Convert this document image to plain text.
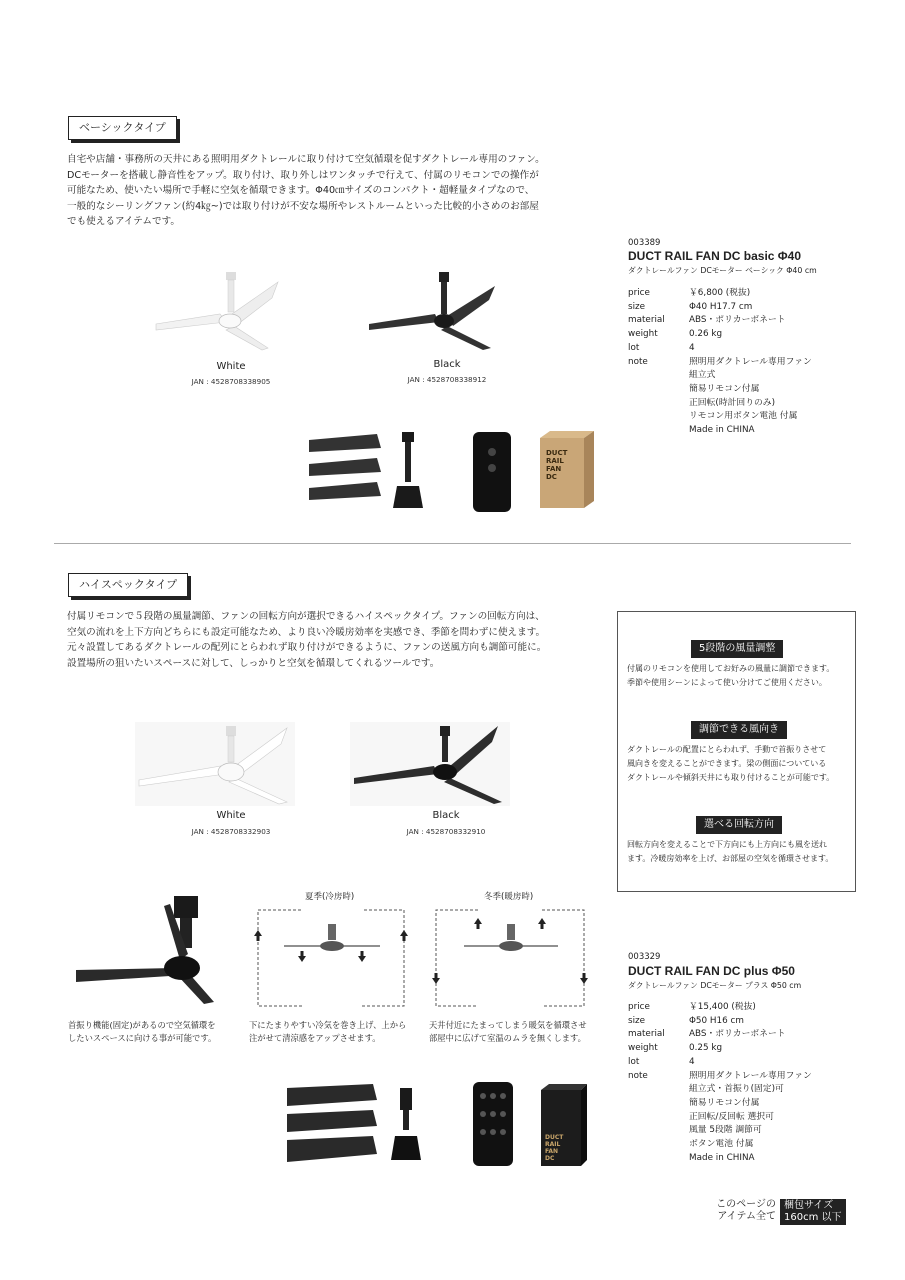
ベーシックタイプ
自宅や店舗・事務所の天井にある照明用ダクトレールに取り付けて空気循環を促すダクトレール専用のファン。
DCモーターを搭載し静音性をアップ。取り付け、取り外しはワンタッチで行えて、付属のリモコンでの操作が
可能なため、使いたい場所で手軽に空気を循環できます。Φ40㎝サイズのコンパクト・超軽量タイプなので、
一般的なシーリングファン(約4㎏~)では取り付けが不安な場所やレストルームといった比較的小さめのお部屋
でも使えるアイテムです。
White
JAN : 4528708338905
Black
JAN : 4528708338912
DUCT
RAIL
FAN
DC
003389
DUCT RAIL FAN DC basic Φ40
ダクトレールファン DCモーター ベーシック Φ40 cm
price	￥6,800 (税抜)
size	Φ40 H17.7 cm
material	ABS・ポリカーボネート
weight	0.26 kg
lot	4
note	照明用ダクトレール専用ファン
組立式
簡易リモコン付属
正回転(時計回りのみ)
リモコン用ボタン電池 付属
Made in CHINA
ハイスペックタイプ
付属リモコンで５段階の風量調節、ファンの回転方向が選択できるハイスペックタイプ。ファンの回転方向は、
空気の流れを上下方向どちらにも設定可能なため、より良い冷暖房効率を実感でき、季節を問わずに使えます。
元々設置してあるダクトレールの配列にとらわれず取り付けができるように、ファンの送風方向も調節可能に。
設置場所の狙いたいスペースに対して、しっかりと空気を循環してくれるツールです。
White
JAN : 4528708332903
Black
JAN : 4528708332910
5段階の風量調整
付属のリモコンを使用してお好みの風量に調節できます。
季節や使用シーンによって使い分けてご使用ください。
調節できる風向き
ダクトレールの配置にとらわれず、手動で首振りさせて
風向きを変えることができます。梁の側面についている
ダクトレールや傾斜天井にも取り付けることが可能です。
選べる回転方向
回転方向を変えることで下方向にも上方向にも風を送れ
ます。冷暖房効率を上げ、お部屋の空気を循環させます。
首振り機能(固定)があるので空気循環を
したいスペースに向ける事が可能です。
夏季(冷房時)
下にたまりやすい冷気を巻き上げ、上から
注がせて清涼感をアップさせます。
冬季(暖房時)
天井付近にたまってしまう暖気を循環させ
部屋中に広げて室温のムラを無くします。
DUCT
RAIL
FAN
DC
003329
DUCT RAIL FAN DC plus Φ50
ダクトレールファン DCモーター プラス Φ50 cm
price	￥15,400 (税抜)
size	Φ50 H16 cm
material	ABS・ポリカーボネート
weight	0.25 kg
lot	4
note	照明用ダクトレール専用ファン
組立式・首振り(固定)可
簡易リモコン付属
正回転/反回転 選択可
風量 5段階 調節可
ボタン電池 付属
Made in CHINA
このページの
アイテム全て
梱包サイズ
160cm 以下
